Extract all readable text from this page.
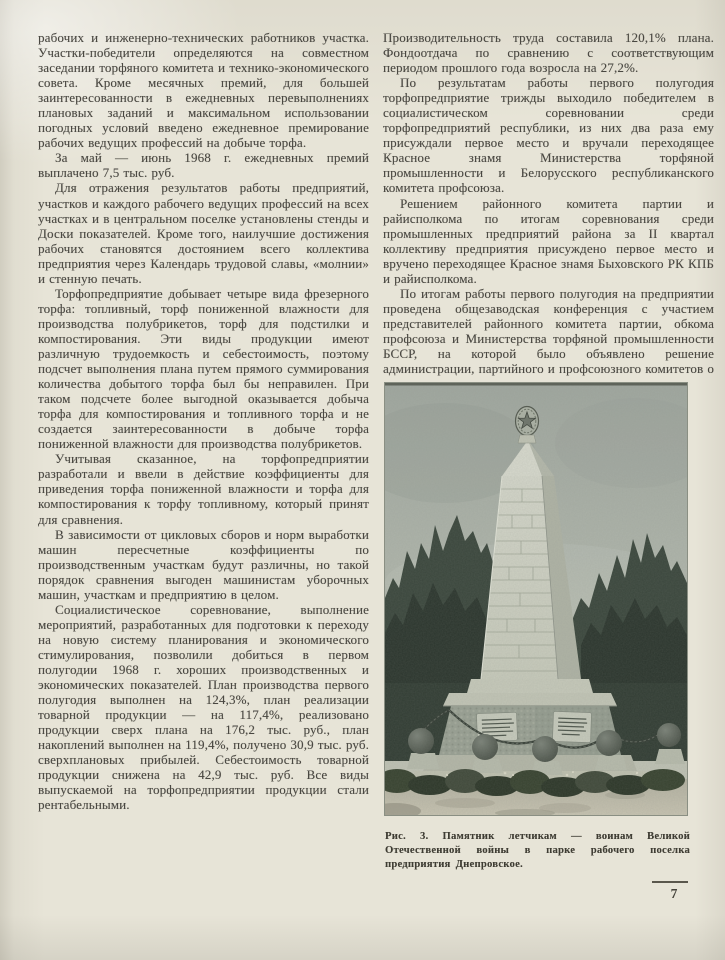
рабочих и инженерно-технических работников участка. Участки-победители определяются на совместном заседании торфяного комитета и технико-экономического совета. Кроме месячных премий, для большей заинтересованности в ежедневных перевыполнениях плановых заданий и максимальном использовании погодных условий введено ежедневное премирование рабочих ведущих профессий на добыче торфа.

За май — июнь 1968 г. ежедневных премий выплачено 7,5 тыс. руб.

Для отражения результатов работы предприятий, участков и каждого рабочего ведущих профессий на всех участках и в центральном поселке установлены стенды и Доски показателей. Кроме того, наилучшие достижения рабочих становятся достоянием всего коллектива предприятия через Календарь трудовой славы, «молнии» и стенную печать.

Торфопредприятие добывает четыре вида фрезерного торфа: топливный, торф пониженной влажности для производства полубрикетов, торф для подстилки и компостирования. Эти виды продукции имеют различную трудоемкость и себестоимость, поэтому подсчет выполнения плана путем прямого суммирования количества добытого торфа был бы неправилен. При таком подсчете более выгодной оказывается добыча торфа для компостирования и топливного торфа и не создается заинтересованности в добыче торфа пониженной влажности для производства полубрикетов.

Учитывая сказанное, на торфопредприятии разработали и ввели в действие коэффициенты для приведения торфа пониженной влажности и торфа для компостирования к торфу топливному, который принят для сравнения.

В зависимости от цикловых сборов и норм выработки машин пересчетные коэффициенты по производственным участкам будут различны, но такой порядок сравнения выгоден машинистам уборочных машин, участкам и предприятию в целом.

Социалистическое соревнование, выполнение мероприятий, разработанных для подготовки к переходу на новую систему планирования и экономического стимулирования, позволили добиться в первом полугодии 1968 г. хороших производственных и экономических показателей. План производства первого полугодия выполнен на 124,3%, план реализации товарной продукции — на 117,4%, реализовано продукции сверх плана на 176,2 тыс. руб., план накоплений выполнен на 119,4%, получено 30,9 тыс. руб. сверхплановых прибылей. Себестоимость товарной продукции снижена на 42,9 тыс. руб. Все виды выпускаемой на торфопредприятии продукции стали рентабельными.

Производительность труда составила 120,1% плана. Фондоотдача по сравнению с соответствующим периодом прошлого года возросла на 27,2%.

По результатам работы первого полугодия торфопредприятие трижды выходило победителем в социалистическом соревновании среди торфопредприятий республики, из них два раза ему присуждали первое место и вручали переходящее Красное знамя Министерства торфяной промышленности и Белорусского республиканского комитета профсоюза.

Решением районного комитета партии и райисполкома по итогам соревнования среди промышленных предприятий района за II квартал коллективу предприятия присуждено первое место и вручено переходящее Красное знамя Быховского РК КПБ и райисполкома.

По итогам работы первого полугодия на предприятии проведена общезаводская конференция с участием представителей районного комитета партии, обкома профсоюза и Министерства торфяной промышленности БССР, на которой было объявлено решение администрации, партийного и профсоюзного комитетов о

Рис. 3. Памятник летчикам — воинам Великой Отечественной войны в парке рабочего поселка предприятия Днепровское.
7
